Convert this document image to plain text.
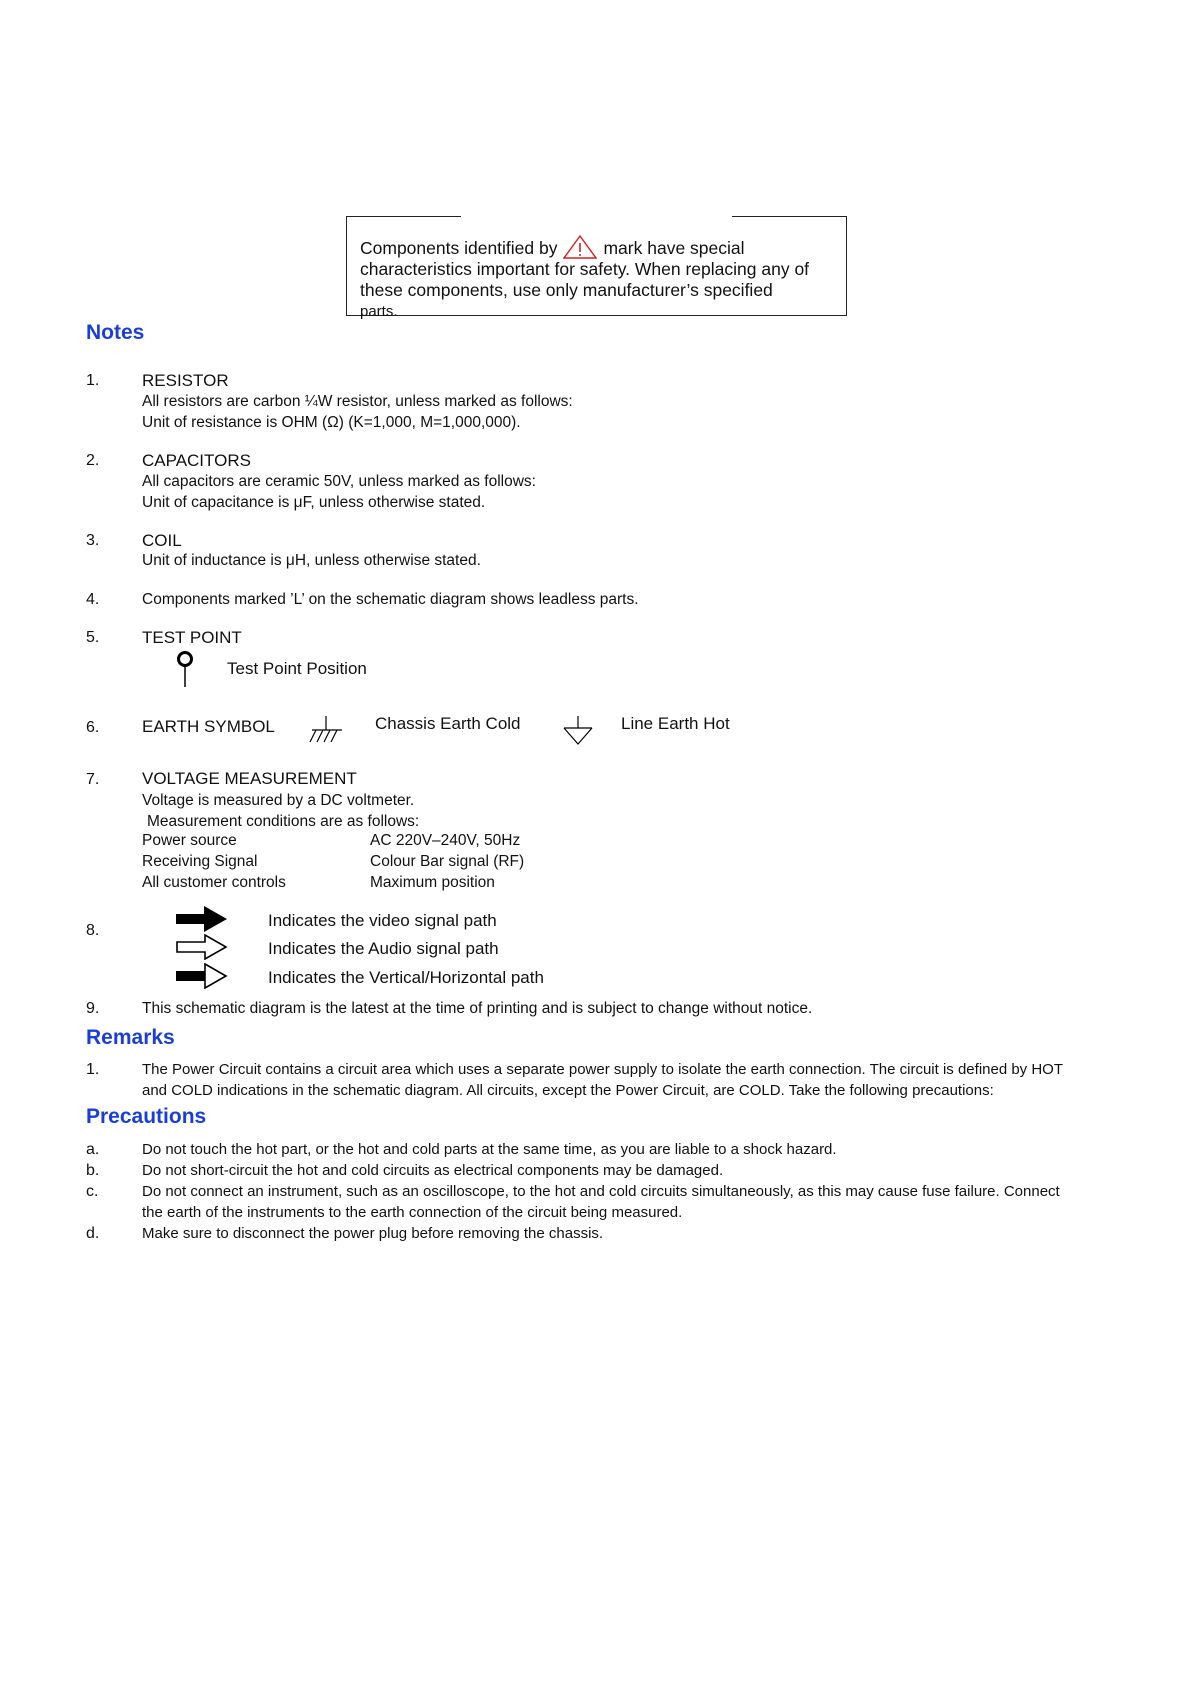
Components identified by	mark have special
characteristics important for safety. When replacing any of
these components, use only manufacturer’s specified
parts.
Notes
1.	RESISTOR
All resistors are carbon ¼W resistor, unless marked as follows:
Unit of resistance is OHM (Ω) (K=1,000, M=1,000,000).
2.	CAPACITORS
All capacitors are ceramic 50V, unless marked as follows:
Unit of capacitance is μF, unless otherwise stated.
3.	COIL
Unit of inductance is μH, unless otherwise stated.
4.	Components marked ’L’ on the schematic diagram shows leadless parts.
5.	TEST POINT
Test Point Position
6.	EARTH SYMBOL	Chassis Earth Cold	Line Earth Hot
7.	VOLTAGE MEASUREMENT
Voltage is measured by a DC voltmeter.
Measurement conditions are as follows:
Power source	AC 220V–240V, 50Hz
Receiving Signal	Colour Bar signal (RF)
All customer controls	Maximum position
8.
Indicates the video signal path
Indicates the Audio signal path
Indicates the Vertical/Horizontal path
9.	This schematic diagram is the latest at the time of printing and is subject to change without notice.
Remarks
1.	The Power Circuit contains a circuit area which uses a separate power supply to isolate the earth connection. The circuit is defined by HOT
and COLD indications in the schematic diagram. All circuits, except the Power Circuit, are COLD. Take the following precautions:
Precautions
a.	Do not touch the hot part, or the hot and cold parts at the same time, as you are liable to a shock hazard.
b.	Do not short-circuit the hot and cold circuits as electrical components may be damaged.
c.	Do not connect an instrument, such as an oscilloscope, to the hot and cold circuits simultaneously, as this may cause fuse failure. Connect
the earth of the instruments to the earth connection of the circuit being measured.
d.	Make sure to disconnect the power plug before removing the chassis.
